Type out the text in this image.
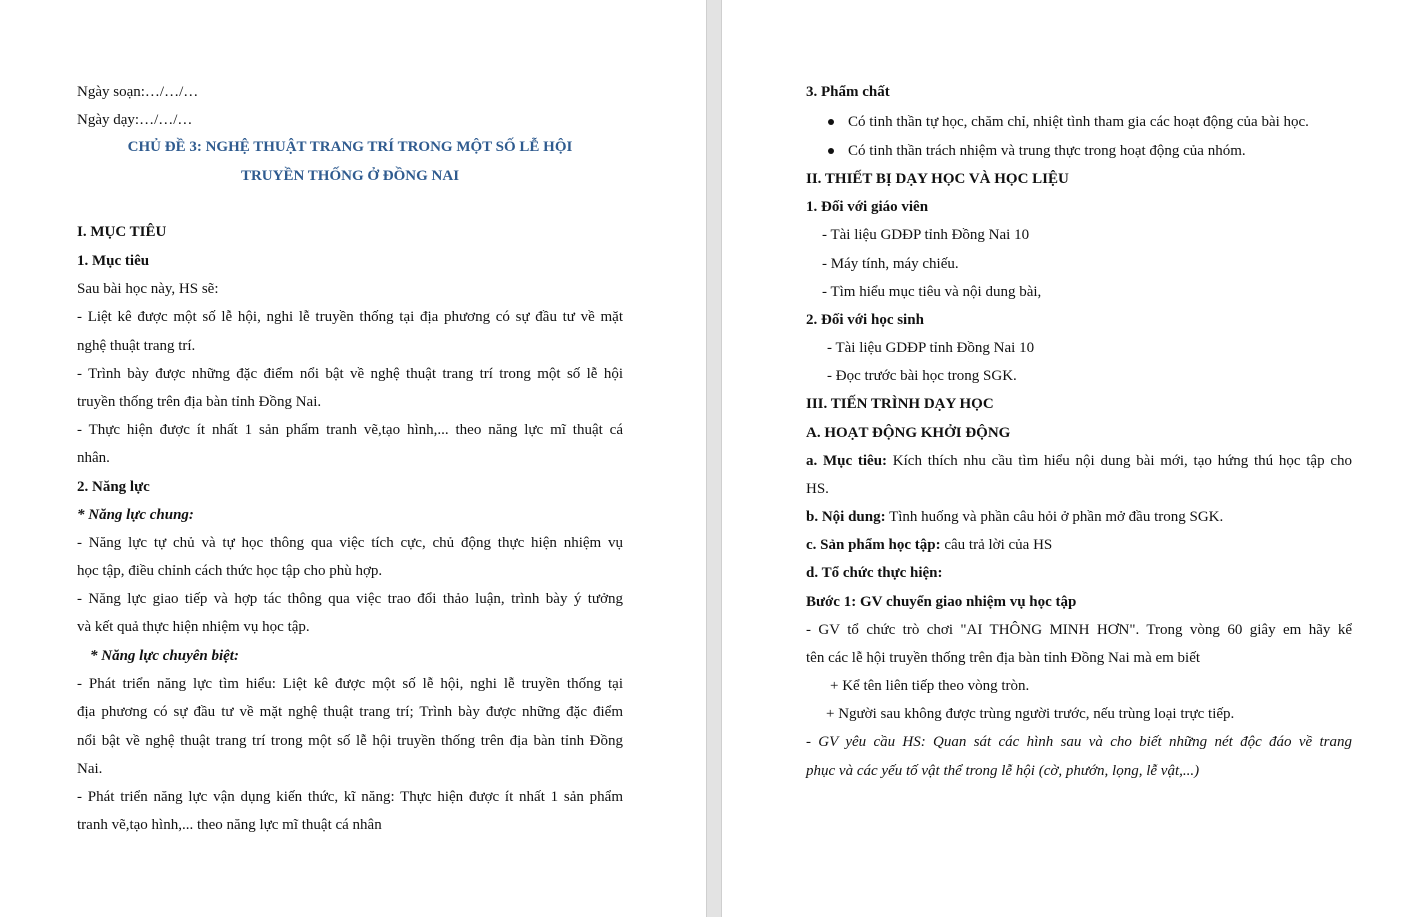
Ngày soạn:…/…/…
Ngày dạy:…/…/…
CHỦ ĐỀ 3: NGHỆ THUẬT TRANG TRÍ TRONG MỘT SỐ LỄ HỘI
TRUYỀN THỐNG Ở ĐỒNG NAI
I. MỤC TIÊU
1. Mục tiêu
Sau bài học này, HS sẽ:
- Liệt kê được một số lễ hội, nghi lễ truyền thống tại địa phương có sự đầu tư về mặt
nghệ thuật trang trí.
- Trình bày được những đặc điểm nổi bật về nghệ thuật trang trí trong một số lễ hội
truyền thống trên địa bàn tỉnh Đồng Nai.
- Thực hiện được ít nhất 1 sản phẩm tranh vẽ,tạo hình,... theo năng lực mĩ thuật cá
nhân.
2. Năng lực
* Năng lực chung:
- Năng lực tự chủ và tự học thông qua việc tích cực, chủ động thực hiện nhiệm vụ
học tập, điều chỉnh cách thức học tập cho phù hợp.
- Năng lực giao tiếp và hợp tác thông qua việc trao đổi thảo luận, trình bày ý tưởng
và kết quả thực hiện nhiệm vụ học tập.
* Năng lực chuyên biệt:
- Phát triển năng lực tìm hiểu: Liệt kê được một số lễ hội, nghi lễ truyền thống tại
địa phương có sự đầu tư về mặt nghệ thuật trang trí; Trình bày được những đặc điểm
nổi bật về nghệ thuật trang trí trong một số lễ hội truyền thống trên địa bàn tỉnh Đồng
Nai.
- Phát triển năng lực vận dụng kiến thức, kĩ năng: Thực hiện được ít nhất 1 sản phẩm
tranh vẽ,tạo hình,... theo năng lực mĩ thuật cá nhân
3. Phẩm chất
Có tinh thần tự học, chăm chỉ, nhiệt tình tham gia các hoạt động của bài học.
Có tinh thần trách nhiệm và trung thực trong hoạt động của nhóm.
II. THIẾT BỊ DẠY HỌC VÀ HỌC LIỆU
1. Đối với giáo viên
- Tài liệu GDĐP tỉnh Đồng Nai 10
- Máy tính, máy chiếu.
- Tìm hiểu mục tiêu và nội dung bài,
2. Đối với học sinh
- Tài liệu GDĐP tỉnh Đồng Nai 10
- Đọc trước bài học trong SGK.
III. TIẾN TRÌNH DẠY HỌC
A. HOẠT ĐỘNG KHỞI ĐỘNG
a. Mục tiêu: Kích thích nhu cầu tìm hiểu nội dung bài mới, tạo hứng thú học tập cho
HS.
b. Nội dung: Tình huống và phần câu hỏi ở phần mở đầu trong SGK.
c. Sản phẩm học tập: câu trả lời của HS
d. Tổ chức thực hiện:
Bước 1: GV chuyển giao nhiệm vụ học tập
- GV tổ chức trò chơi "AI THÔNG MINH HƠN". Trong vòng 60 giây em hãy kể
tên các lễ hội truyền thống trên địa bàn tỉnh Đồng Nai mà em biết
+ Kể tên liên tiếp theo vòng tròn.
+ Người sau không được trùng người trước, nếu trùng loại trực tiếp.
- GV yêu cầu HS: Quan sát các hình sau và cho biết những nét độc đáo về trang
phục và các yếu tố vật thể trong lễ hội (cờ, phướn, lọng, lễ vật,...)
